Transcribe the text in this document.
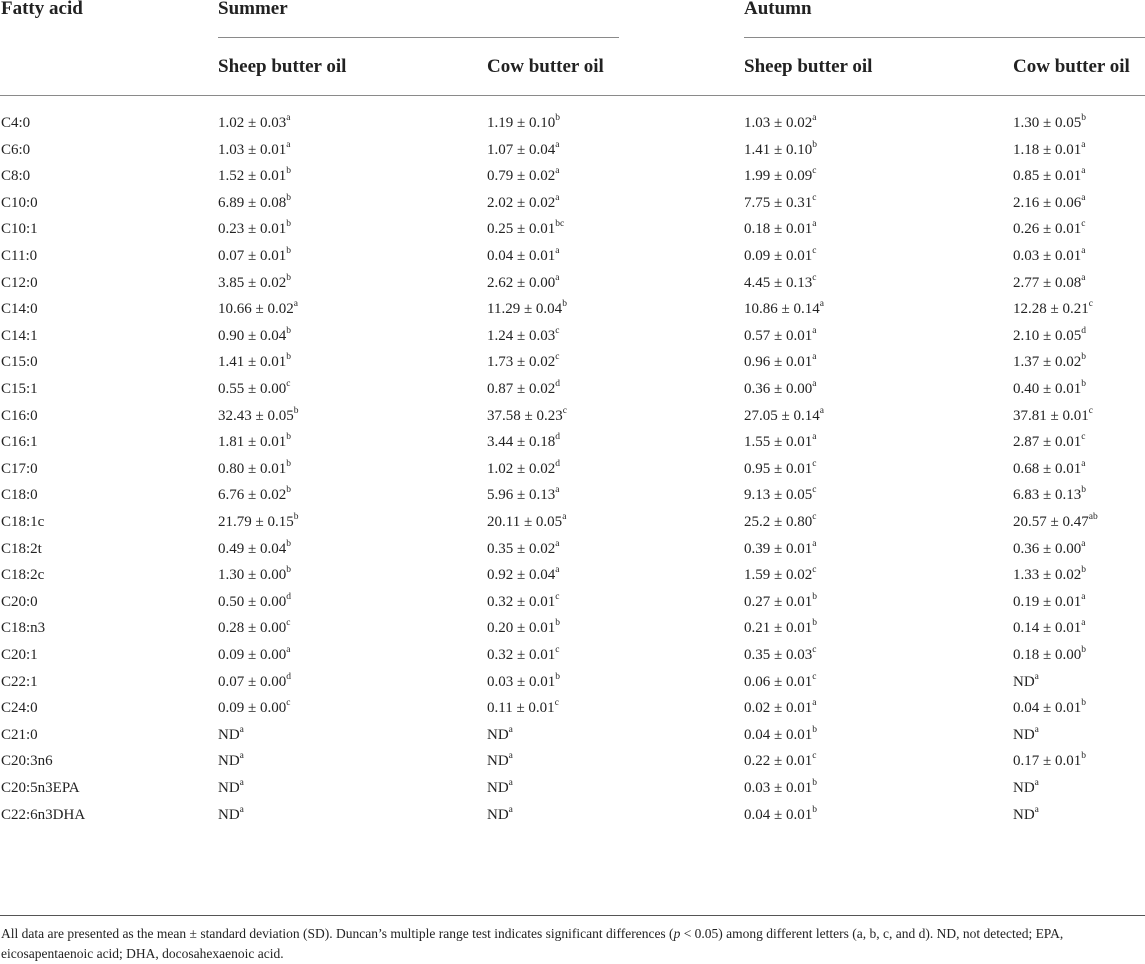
Fatty acid	Summer	Autumn
Sheep butter oil	Cow butter oil	Sheep butter oil	Cow butter oil
C4:0	1.02 ± 0.03$^a$	1.19 ± 0.10$^b$	1.03 ± 0.02$^a$	1.30 ± 0.05$^b$
C6:0	1.03 ± 0.01$^a$	1.07 ± 0.04$^a$	1.41 ± 0.10$^b$	1.18 ± 0.01$^a$
C8:0	1.52 ± 0.01$^b$	0.79 ± 0.02$^a$	1.99 ± 0.09$^c$	0.85 ± 0.01$^a$
C10:0	6.89 ± 0.08$^b$	2.02 ± 0.02$^a$	7.75 ± 0.31$^c$	2.16 ± 0.06$^a$
C10:1	0.23 ± 0.01$^b$	0.25 ± 0.01$^{bc}$	0.18 ± 0.01$^a$	0.26 ± 0.01$^c$
C11:0	0.07 ± 0.01$^b$	0.04 ± 0.01$^a$	0.09 ± 0.01$^c$	0.03 ± 0.01$^a$
C12:0	3.85 ± 0.02$^b$	2.62 ± 0.00$^a$	4.45 ± 0.13$^c$	2.77 ± 0.08$^a$
C14:0	10.66 ± 0.02$^a$	11.29 ± 0.04$^b$	10.86 ± 0.14$^a$	12.28 ± 0.21$^c$
C14:1	0.90 ± 0.04$^b$	1.24 ± 0.03$^c$	0.57 ± 0.01$^a$	2.10 ± 0.05$^d$
C15:0	1.41 ± 0.01$^b$	1.73 ± 0.02$^c$	0.96 ± 0.01$^a$	1.37 ± 0.02$^b$
C15:1	0.55 ± 0.00$^c$	0.87 ± 0.02$^d$	0.36 ± 0.00$^a$	0.40 ± 0.01$^b$
C16:0	32.43 ± 0.05$^b$	37.58 ± 0.23$^c$	27.05 ± 0.14$^a$	37.81 ± 0.01$^c$
C16:1	1.81 ± 0.01$^b$	3.44 ± 0.18$^d$	1.55 ± 0.01$^a$	2.87 ± 0.01$^c$
C17:0	0.80 ± 0.01$^b$	1.02 ± 0.02$^d$	0.95 ± 0.01$^c$	0.68 ± 0.01$^a$
C18:0	6.76 ± 0.02$^b$	5.96 ± 0.13$^a$	9.13 ± 0.05$^c$	6.83 ± 0.13$^b$
C18:1c	21.79 ± 0.15$^b$	20.11 ± 0.05$^a$	25.2 ± 0.80$^c$	20.57 ± 0.47$^{ab}$
C18:2t	0.49 ± 0.04$^b$	0.35 ± 0.02$^a$	0.39 ± 0.01$^a$	0.36 ± 0.00$^a$
C18:2c	1.30 ± 0.00$^b$	0.92 ± 0.04$^a$	1.59 ± 0.02$^c$	1.33 ± 0.02$^b$
C20:0	0.50 ± 0.00$^d$	0.32 ± 0.01$^c$	0.27 ± 0.01$^b$	0.19 ± 0.01$^a$
C18:n3	0.28 ± 0.00$^c$	0.20 ± 0.01$^b$	0.21 ± 0.01$^b$	0.14 ± 0.01$^a$
C20:1	0.09 ± 0.00$^a$	0.32 ± 0.01$^c$	0.35 ± 0.03$^c$	0.18 ± 0.00$^b$
C22:1	0.07 ± 0.00$^d$	0.03 ± 0.01$^b$	0.06 ± 0.01$^c$	$ND^a$
C24:0	0.09 ± 0.00$^c$	0.11 ± 0.01$^c$	0.02 ± 0.01$^a$	0.04 ± 0.01$^b$
C21:0	$ND^a$	$ND^a$	0.04 ± 0.01$^b$	$ND^a$
C20:3n6	$ND^a$	$ND^a$	0.22 ± 0.01$^c$	0.17 ± 0.01$^b$
C20:5n3EPA	$ND^a$	$ND^a$	0.03 ± 0.01$^b$	$ND^a$
C22:6n3DHA	$ND^a$	$ND^a$	0.04 ± 0.01$^b$	$ND^a$
All data are presented as the mean ± standard deviation (SD). Duncan’s multiple range test indicates significant differences (p < 0.05) among different letters (a, b, c, and d). ND, not detected; EPA, eicosapentaenoic acid; DHA, docosahexaenoic acid.
